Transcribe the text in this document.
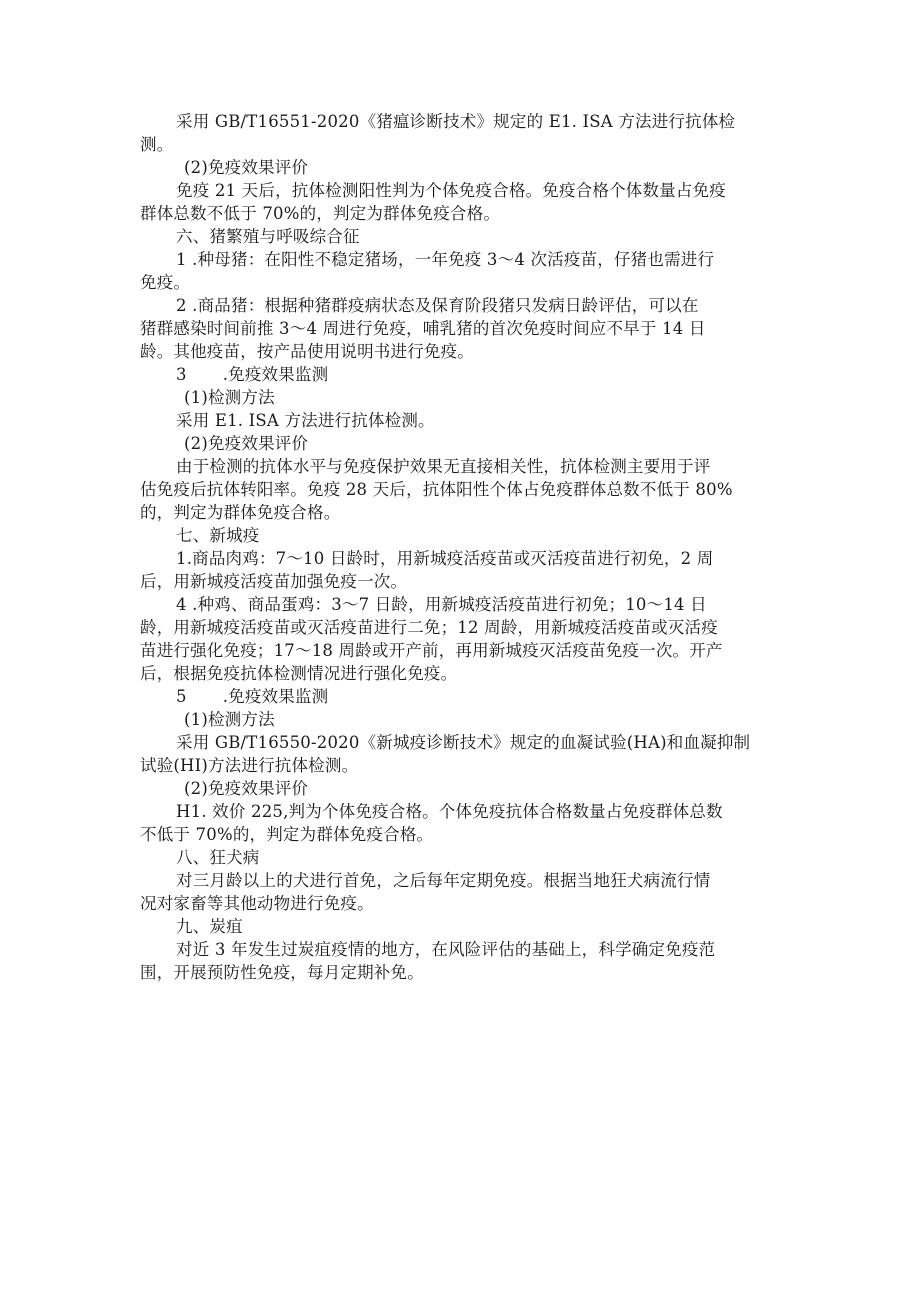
采用 GB/T16551-2020《猪瘟诊断技术》规定的 E1. ISA 方法进行抗体检
测。
(2)免疫效果评价
免疫 21 天后，抗体检测阳性判为个体免疫合格。免疫合格个体数量占免疫
群体总数不低于 70%的，判定为群体免疫合格。
六、猪繁殖与呼吸综合征
1 .种母猪：在阳性不稳定猪场，一年免疫 3～4 次活疫苗，仔猪也需进行
免疫。
2 .商品猪：根据种猪群疫病状态及保育阶段猪只发病日龄评估，可以在
猪群感染时间前推 3～4 周进行免疫，哺乳猪的首次免疫时间应不早于 14 日
龄。其他疫苗，按产品使用说明书进行免疫。
3 .免疫效果监测
(1)检测方法
采用 E1. ISA 方法进行抗体检测。
(2)免疫效果评价
由于检测的抗体水平与免疫保护效果无直接相关性，抗体检测主要用于评
估免疫后抗体转阳率。免疫 28 天后，抗体阳性个体占免疫群体总数不低于 80%
的，判定为群体免疫合格。
七、新城疫
1.商品肉鸡：7～10 日龄时，用新城疫活疫苗或灭活疫苗进行初免，2 周
后，用新城疫活疫苗加强免疫一次。
4 .种鸡、商品蛋鸡：3～7 日龄，用新城疫活疫苗进行初免；10～14 日
龄，用新城疫活疫苗或灭活疫苗进行二免；12 周龄，用新城疫活疫苗或灭活疫
苗进行强化免疫；17～18 周龄或开产前，再用新城疫灭活疫苗免疫一次。开产
后，根据免疫抗体检测情况进行强化免疫。
5 .免疫效果监测
(1)检测方法
采用 GB/T16550-2020《新城疫诊断技术》规定的血凝试验(HA)和血凝抑制
试验(HI)方法进行抗体检测。
(2)免疫效果评价
H1. 效价 225,判为个体免疫合格。个体免疫抗体合格数量占免疫群体总数
不低于 70%的，判定为群体免疫合格。
八、狂犬病
对三月龄以上的犬进行首免，之后每年定期免疫。根据当地狂犬病流行情
况对家畜等其他动物进行免疫。
九、炭疽
对近 3 年发生过炭疽疫情的地方，在风险评估的基础上，科学确定免疫范
围，开展预防性免疫，每月定期补免。
